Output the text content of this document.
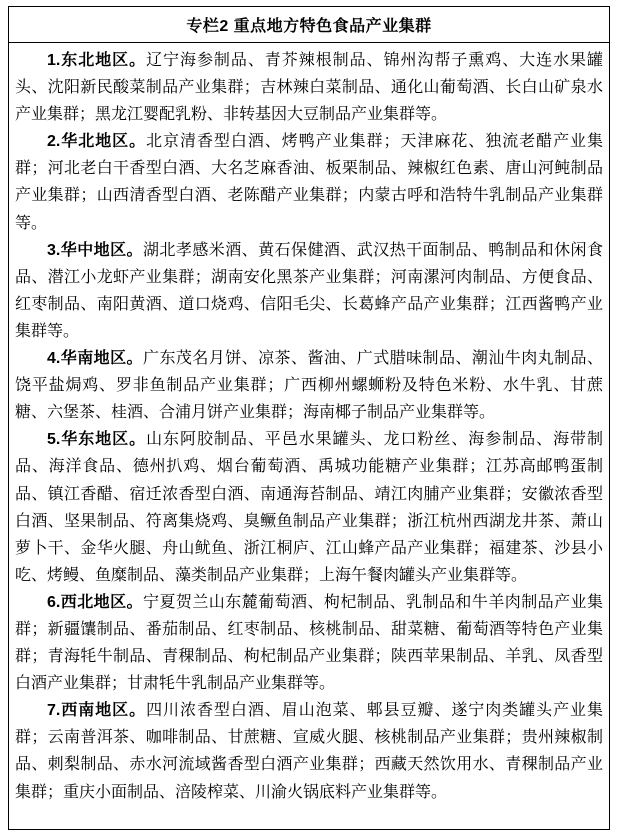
专栏2 重点地方特色食品产业集群

1.东北地区。辽宁海参制品、青芥辣根制品、锦州沟帮子熏鸡、大连水果罐头、沈阳新民酸菜制品产业集群；吉林辣白菜制品、通化山葡萄酒、长白山矿泉水产业集群；黑龙江婴配乳粉、非转基因大豆制品产业集群等。

2.华北地区。北京清香型白酒、烤鸭产业集群；天津麻花、独流老醋产业集群；河北老白干香型白酒、大名芝麻香油、板栗制品、辣椒红色素、唐山河鲀制品产业集群；山西清香型白酒、老陈醋产业集群；内蒙古呼和浩特牛乳制品产业集群等。

3.华中地区。湖北孝感米酒、黄石保健酒、武汉热干面制品、鸭制品和休闲食品、潜江小龙虾产业集群；湖南安化黑茶产业集群；河南漯河肉制品、方便食品、红枣制品、南阳黄酒、道口烧鸡、信阳毛尖、长葛蜂产品产业集群；江西酱鸭产业集群等。

4.华南地区。广东茂名月饼、凉茶、酱油、广式腊味制品、潮汕牛肉丸制品、饶平盐焗鸡、罗非鱼制品产业集群；广西柳州螺蛳粉及特色米粉、水牛乳、甘蔗糖、六堡茶、桂酒、合浦月饼产业集群；海南椰子制品产业集群等。

5.华东地区。山东阿胶制品、平邑水果罐头、龙口粉丝、海参制品、海带制品、海洋食品、德州扒鸡、烟台葡萄酒、禹城功能糖产业集群；江苏高邮鸭蛋制品、镇江香醋、宿迁浓香型白酒、南通海苔制品、靖江肉脯产业集群；安徽浓香型白酒、坚果制品、符离集烧鸡、臭鳜鱼制品产业集群；浙江杭州西湖龙井茶、萧山萝卜干、金华火腿、舟山鱿鱼、浙江桐庐、江山蜂产品产业集群；福建茶、沙县小吃、烤鳗、鱼糜制品、藻类制品产业集群；上海午餐肉罐头产业集群等。

6.西北地区。宁夏贺兰山东麓葡萄酒、枸杞制品、乳制品和牛羊肉制品产业集群；新疆馕制品、番茄制品、红枣制品、核桃制品、甜菜糖、葡萄酒等特色产业集群；青海牦牛制品、青稞制品、枸杞制品产业集群；陕西苹果制品、羊乳、凤香型白酒产业集群；甘肃牦牛乳制品产业集群等。

7.西南地区。四川浓香型白酒、眉山泡菜、郫县豆瓣、遂宁肉类罐头产业集群；云南普洱茶、咖啡制品、甘蔗糖、宣威火腿、核桃制品产业集群；贵州辣椒制品、刺梨制品、赤水河流域酱香型白酒产业集群；西藏天然饮用水、青稞制品产业集群；重庆小面制品、涪陵榨菜、川渝火锅底料产业集群等。
